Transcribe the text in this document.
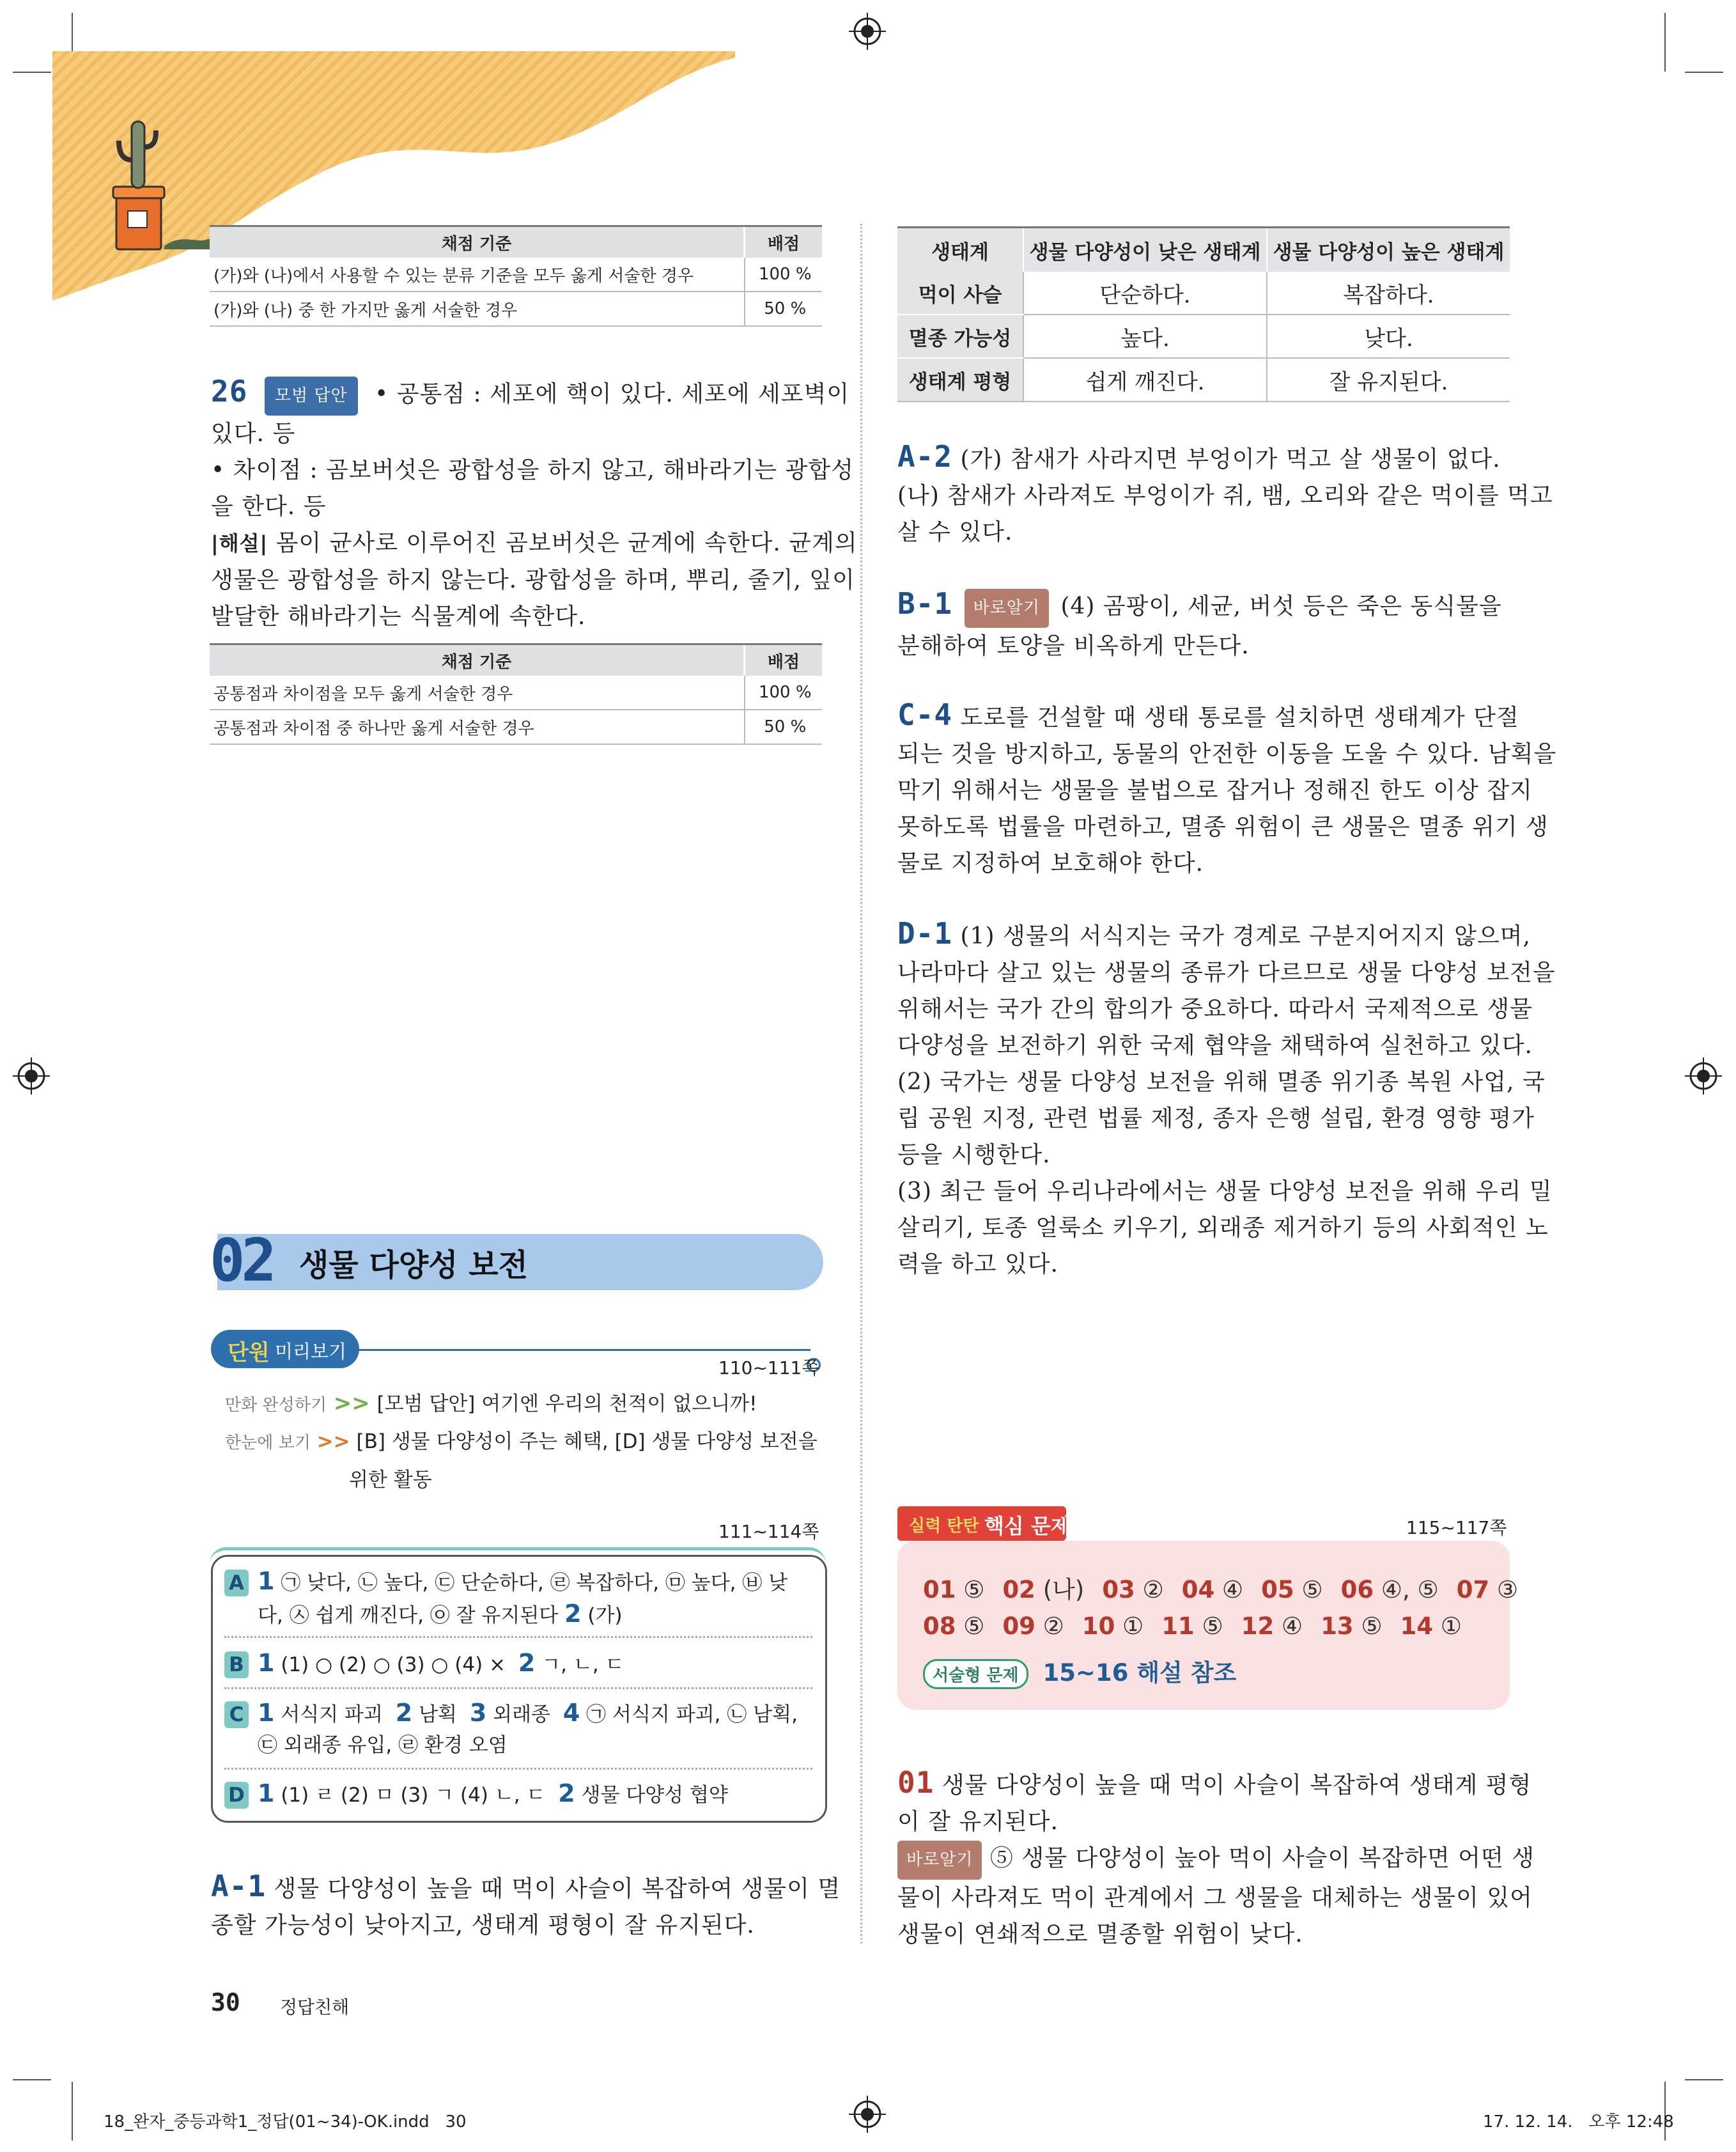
채점 기준	배점
(가)와 (나)에서 사용할 수 있는 분류 기준을 모두 옳게 서술한 경우	100 %
(가)와 (나) 중 한 가지만 옳게 서술한 경우	50 %
26 모범 답안 • 공통점 : 세포에 핵이 있다. 세포에 세포벽이
있다. 등
• 차이점 : 곰보버섯은 광합성을 하지 않고, 해바라기는 광합성
을 한다. 등
|해설| 몸이 균사로 이루어진 곰보버섯은 균계에 속한다. 균계의
생물은 광합성을 하지 않는다. 광합성을 하며, 뿌리, 줄기, 잎이
발달한 해바라기는 식물계에 속한다.
채점 기준	배점
공통점과 차이점을 모두 옳게 서술한 경우	100 %
공통점과 차이점 중 하나만 옳게 서술한 경우	50 %
02 생물 다양성 보전
단원 미리보기
110~111쪽
만화 완성하기 >> [모범 답안] 여기엔 우리의 천적이 없으니까!
한눈에 보기 >> [B] 생물 다양성이 주는 혜택, [D] 생물 다양성 보전을
위한 활동
111~114쪽
A 1 ㉠ 낮다, ㉡ 높다, ㉢ 단순하다, ㉣ 복잡하다, ㉤ 높다, ㉥ 낮
다, ㉦ 쉽게 깨진다, ㉧ 잘 유지된다 2 (가)
B 1 (1) ○ (2) ○ (3) ○ (4) × 2 ㄱ, ㄴ, ㄷ
C 1 서식지 파괴 2 남획 3 외래종 4 ㉠ 서식지 파괴, ㉡ 남획,
㉢ 외래종 유입, ㉣ 환경 오염
D 1 (1) ㄹ (2) ㅁ (3) ㄱ (4) ㄴ, ㄷ 2 생물 다양성 협약
A-1 생물 다양성이 높을 때 먹이 사슬이 복잡하여 생물이 멸
종할 가능성이 낮아지고, 생태계 평형이 잘 유지된다.
30 정답친해
18_완자_중등과학1_정답(01~34)-OK.indd   30	17. 12. 14.   오후 12:48
생태계	생물 다양성이 낮은 생태계	생물 다양성이 높은 생태계
먹이 사슬	단순하다.	복잡하다.
멸종 가능성	높다.	낮다.
생태계 평형	쉽게 깨진다.	잘 유지된다.
A-2 (가) 참새가 사라지면 부엉이가 먹고 살 생물이 없다.
(나) 참새가 사라져도 부엉이가 쥐, 뱀, 오리와 같은 먹이를 먹고
살 수 있다.
B-1 바로알기 (4) 곰팡이, 세균, 버섯 등은 죽은 동식물을
분해하여 토양을 비옥하게 만든다.
C-4 도로를 건설할 때 생태 통로를 설치하면 생태계가 단절
되는 것을 방지하고, 동물의 안전한 이동을 도울 수 있다. 남획을
막기 위해서는 생물을 불법으로 잡거나 정해진 한도 이상 잡지
못하도록 법률을 마련하고, 멸종 위험이 큰 생물은 멸종 위기 생
물로 지정하여 보호해야 한다.
D-1 (1) 생물의 서식지는 국가 경계로 구분지어지지 않으며,
나라마다 살고 있는 생물의 종류가 다르므로 생물 다양성 보전을
위해서는 국가 간의 합의가 중요하다. 따라서 국제적으로 생물
다양성을 보전하기 위한 국제 협약을 채택하여 실천하고 있다.
(2) 국가는 생물 다양성 보전을 위해 멸종 위기종 복원 사업, 국
립 공원 지정, 관련 법률 제정, 종자 은행 설립, 환경 영향 평가
등을 시행한다.
(3) 최근 들어 우리나라에서는 생물 다양성 보전을 위해 우리 밀
살리기, 토종 얼룩소 키우기, 외래종 제거하기 등의 사회적인 노
력을 하고 있다.
실력 탄탄 핵심 문제	115~117쪽
01 ⑤ 02 (나) 03 ② 04 ④ 05 ⑤ 06 ④, ⑤ 07 ③
08 ⑤ 09 ② 10 ① 11 ⑤ 12 ④ 13 ⑤ 14 ①
서술형 문제 15~16 해설 참조
01 생물 다양성이 높을 때 먹이 사슬이 복잡하여 생태계 평형
이 잘 유지된다.
바로알기 ⑤ 생물 다양성이 높아 먹이 사슬이 복잡하면 어떤 생
물이 사라져도 먹이 관계에서 그 생물을 대체하는 생물이 있어
생물이 연쇄적으로 멸종할 위험이 낮다.
